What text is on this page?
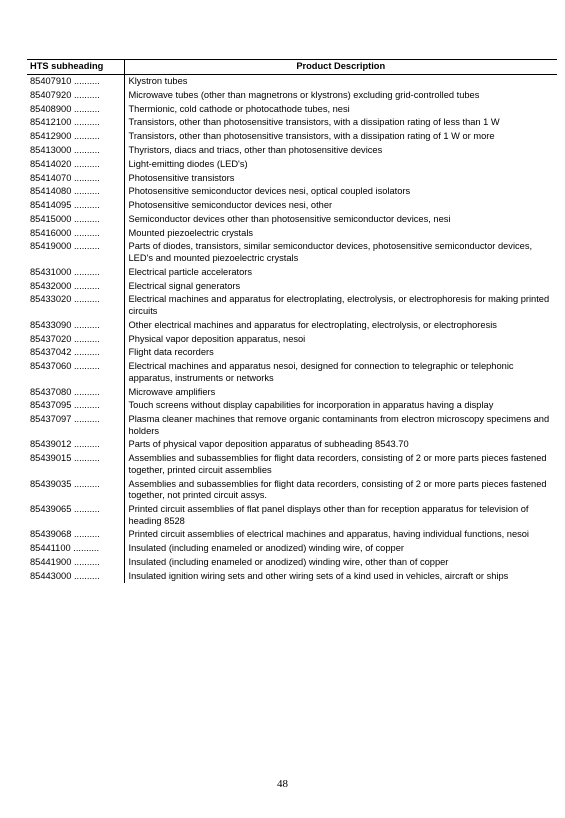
HTS subheading	Product Description
85407910 ..........	Klystron tubes
85407920 ..........	Microwave tubes (other than magnetrons or klystrons) excluding grid-controlled tubes
85408900 ..........	Thermionic, cold cathode or photocathode tubes, nesi
85412100 ..........	Transistors, other than photosensitive transistors, with a dissipation rating of less than 1 W
85412900 ..........	Transistors, other than photosensitive transistors, with a dissipation rating of 1 W or more
85413000 ..........	Thyristors, diacs and triacs, other than photosensitive devices
85414020 ..........	Light-emitting diodes (LED's)
85414070 ..........	Photosensitive transistors
85414080 ..........	Photosensitive semiconductor devices nesi, optical coupled isolators
85414095 ..........	Photosensitive semiconductor devices nesi, other
85415000 ..........	Semiconductor devices other than photosensitive semiconductor devices, nesi
85416000 ..........	Mounted piezoelectric crystals
85419000 ..........	Parts of diodes, transistors, similar semiconductor devices, photosensitive semiconductor devices, LED's and mounted piezoelectric crystals
85431000 ..........	Electrical particle accelerators
85432000 ..........	Electrical signal generators
85433020 ..........	Electrical machines and apparatus for electroplating, electrolysis, or electrophoresis for making printed circuits
85433090 ..........	Other electrical machines and apparatus for electroplating, electrolysis, or electrophoresis
85437020 ..........	Physical vapor deposition apparatus, nesoi
85437042 ..........	Flight data recorders
85437060 ..........	Electrical machines and apparatus nesoi, designed for connection to telegraphic or telephonic apparatus, instruments or networks
85437080 ..........	Microwave amplifiers
85437095 ..........	Touch screens without display capabilities for incorporation in apparatus having a display
85437097 ..........	Plasma cleaner machines that remove organic contaminants from electron microscopy specimens and holders
85439012 ..........	Parts of physical vapor deposition apparatus of subheading 8543.70
85439015 ..........	Assemblies and subassemblies for flight data recorders, consisting of 2 or more parts pieces fastened together, printed circuit assemblies
85439035 ..........	Assemblies and subassemblies for flight data recorders, consisting of 2 or more parts pieces fastened together, not printed circuit assys.
85439065 ..........	Printed circuit assemblies of flat panel displays other than for reception apparatus for television of heading 8528
85439068 ..........	Printed circuit assemblies of electrical machines and apparatus, having individual functions, nesoi
85441100 ..........	Insulated (including enameled or anodized) winding wire, of copper
85441900 ..........	Insulated (including enameled or anodized) winding wire, other than of copper
85443000 ..........	Insulated ignition wiring sets and other wiring sets of a kind used in vehicles, aircraft or ships
48
